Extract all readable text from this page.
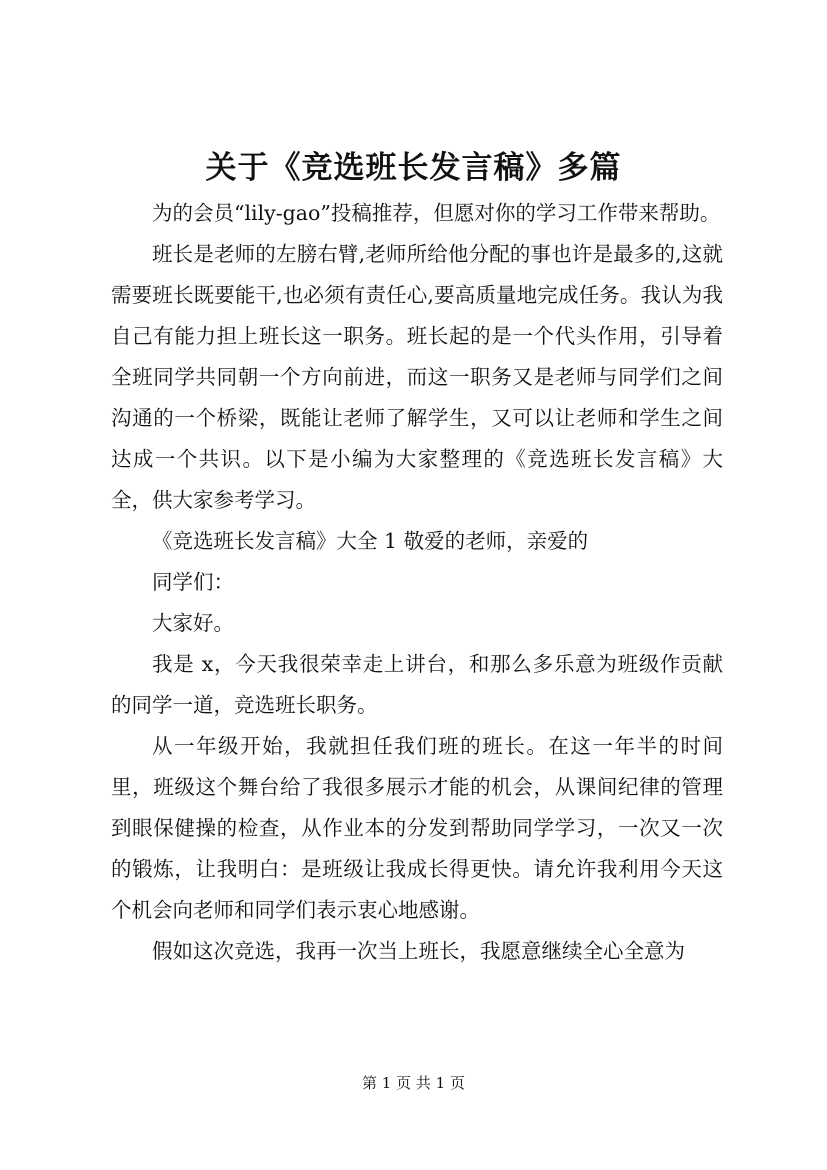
关于《竞选班长发言稿》多篇

为的会员“lily-gao”投稿推荐，但愿对你的学习工作带来帮助。

班长是老师的左膀右臂,老师所给他分配的事也许是最多的,这就需要班长既要能干,也必须有责任心,要高质量地完成任务。我认为我自己有能力担上班长这一职务。班长起的是一个代头作用，引导着全班同学共同朝一个方向前进，而这一职务又是老师与同学们之间沟通的一个桥梁，既能让老师了解学生，又可以让老师和学生之间达成一个共识。以下是小编为大家整理的《竞选班长发言稿》大全，供大家参考学习。

《竞选班长发言稿》大全 1 敬爱的老师，亲爱的

同学们：

大家好。

我是 x，今天我很荣幸走上讲台，和那么多乐意为班级作贡献的同学一道，竞选班长职务。

从一年级开始，我就担任我们班的班长。在这一年半的时间里，班级这个舞台给了我很多展示才能的机会，从课间纪律的管理到眼保健操的检查，从作业本的分发到帮助同学学习，一次又一次的锻炼，让我明白：是班级让我成长得更快。请允许我利用今天这个机会向老师和同学们表示衷心地感谢。

假如这次竞选，我再一次当上班长，我愿意继续全心全意为

第 1 页 共 1 页
